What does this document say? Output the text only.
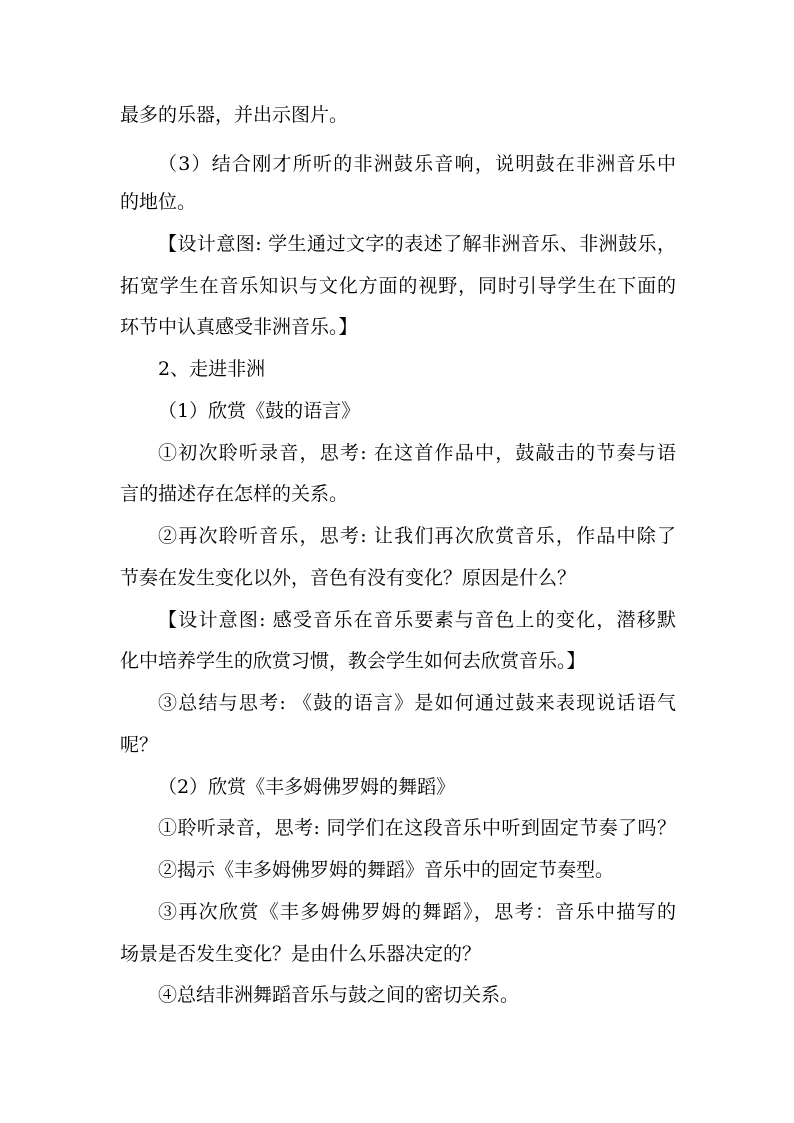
最多的乐器，并出示图片。
（3）结合刚才所听的非洲鼓乐音响，说明鼓在非洲音乐中
的地位。
【设计意图: 学生通过文字的表述了解非洲音乐、非洲鼓乐，
拓宽学生在音乐知识与文化方面的视野，同时引导学生在下面的
环节中认真感受非洲音乐。】
2、走进非洲
（1）欣赏《鼓的语言》
①初次聆听录音，思考: 在这首作品中，鼓敲击的节奏与语
言的描述存在怎样的关系。
②再次聆听音乐，思考: 让我们再次欣赏音乐，作品中除了
节奏在发生变化以外，音色有没有变化？原因是什么？
【设计意图: 感受音乐在音乐要素与音色上的变化，潜移默
化中培养学生的欣赏习惯，教会学生如何去欣赏音乐。】
③总结与思考: 《鼓的语言》是如何通过鼓来表现说话语气
呢？
（2）欣赏《丰多姆佛罗姆的舞蹈》
①聆听录音，思考: 同学们在这段音乐中听到固定节奏了吗？
②揭示《丰多姆佛罗姆的舞蹈》音乐中的固定节奏型。
③再次欣赏《丰多姆佛罗姆的舞蹈》，思考：音乐中描写的
场景是否发生变化？是由什么乐器决定的？
④总结非洲舞蹈音乐与鼓之间的密切关系。
